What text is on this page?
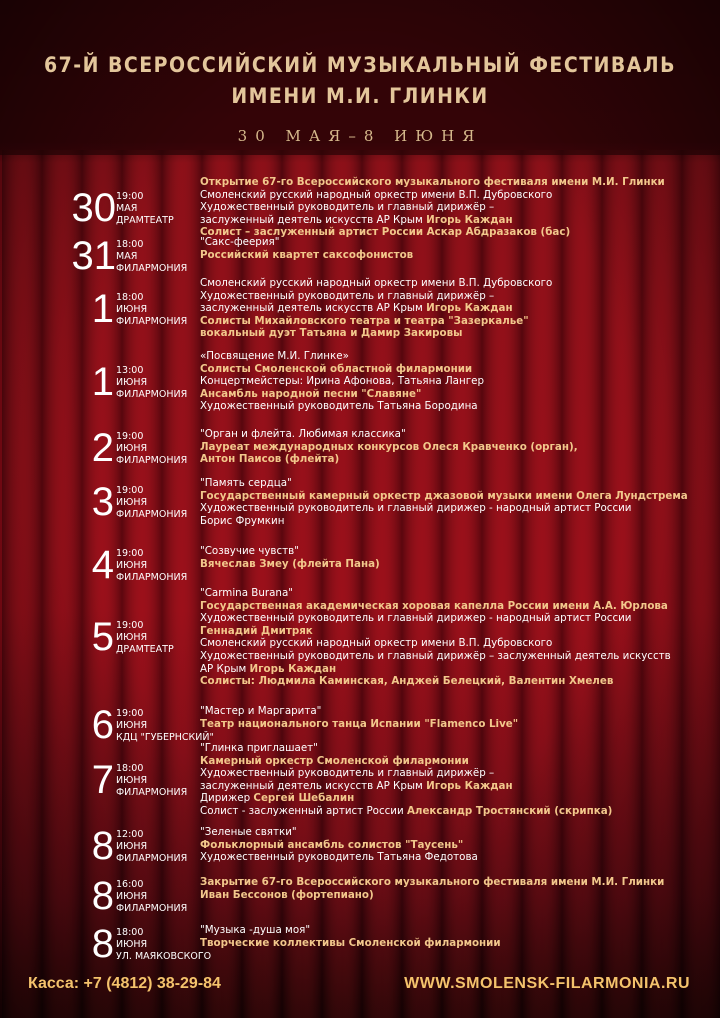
67-Й ВСЕРОССИЙСКИЙ МУЗЫКАЛЬНЫЙ ФЕСТИВАЛЬ
ИМЕНИ М.И. ГЛИНКИ
30 МАЯ–8 ИЮНЯ
30 19:00
МАЯ
ДРАМТЕАТР
Открытие 67-го Всероссийского музыкального фестиваля имени М.И. Глинки
Смоленский русский народный оркестр имени В.П. Дубровского
Художественный руководитель и главный дирижёр –
заслуженный деятель искусств АР Крым Игорь Каждан
Солист – заслуженный артист России Аскар Абдразаков (бас)
31 18:00
МАЯ
ФИЛАРМОНИЯ
"Сакс-феерия"
Российский квартет саксофонистов
1 18:00
ИЮНЯ
ФИЛАРМОНИЯ
Смоленский русский народный оркестр имени В.П. Дубровского
Художественный руководитель и главный дирижёр –
заслуженный деятель искусств АР Крым Игорь Каждан
Солисты Михайловского театра и театра "Зазеркалье"
вокальный дуэт Татьяна и Дамир Закировы
1 13:00
ИЮНЯ
ФИЛАРМОНИЯ
«Посвящение М.И. Глинке»
Солисты Смоленской областной филармонии
Концертмейстеры: Ирина Афонова, Татьяна Лангер
Ансамбль народной песни "Славяне"
Художественный руководитель Татьяна Бородина
2 19:00
ИЮНЯ
ФИЛАРМОНИЯ
"Орган и флейта. Любимая классика"
Лауреат международных конкурсов Олеся Кравченко (орган),
Антон Паисов (флейта)
3 19:00
ИЮНЯ
ФИЛАРМОНИЯ
"Память сердца"
Государственный камерный оркестр джазовой музыки имени Олега Лундстрема
Художественный руководитель и главный дирижер - народный артист России
Борис Фрумкин
4 19:00
ИЮНЯ
ФИЛАРМОНИЯ
"Созвучие чувств"
Вячеслав Змеу (флейта Пана)
5 19:00
ИЮНЯ
ДРАМТЕАТР
"Carmina Burana"
Государственная академическая хоровая капелла России имени А.А. Юрлова
Художественный руководитель и главный дирижер - народный артист России
Геннадий Дмитряк
Смоленский русский народный оркестр имени В.П. Дубровского
Художественный руководитель и главный дирижёр – заслуженный деятель искусств
АР Крым Игорь Каждан
Солисты: Людмила Каминская, Анджей Белецкий, Валентин Хмелев
6 19:00
ИЮНЯ
КДЦ "ГУБЕРНСКИЙ"
"Мастер и Маргарита"
Театр национального танца Испании "Flamenco Live"
7 18:00
ИЮНЯ
ФИЛАРМОНИЯ
"Глинка приглашает"
Камерный оркестр Смоленской филармонии
Художественный руководитель и главный дирижёр –
заслуженный деятель искусств АР Крым Игорь Каждан
Дирижер Сергей Шебалин
Солист - заслуженный артист России Александр Тростянский (скрипка)
8 12:00
ИЮНЯ
ФИЛАРМОНИЯ
"Зеленые святки"
Фольклорный ансамбль солистов "Таусень"
Художественный руководитель Татьяна Федотова
8 16:00
ИЮНЯ
ФИЛАРМОНИЯ
Закрытие 67-го Всероссийского музыкального фестиваля имени М.И. Глинки
Иван Бессонов (фортепиано)
8 18:00
ИЮНЯ
УЛ. МАЯКОВСКОГО
"Музыка -душа моя"
Творческие коллективы Смоленской филармонии
Касса: +7 (4812) 38-29-84	WWW.SMOLENSK-FILARMONIA.RU
